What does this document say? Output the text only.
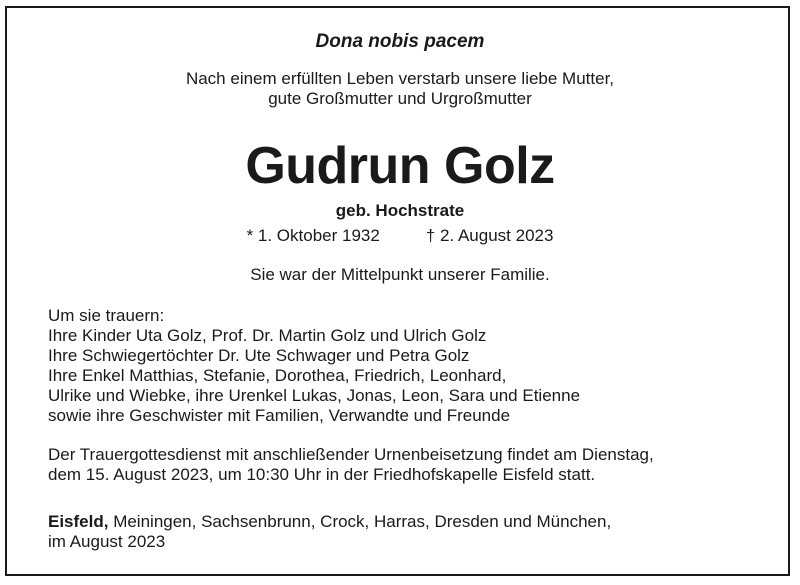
Dona nobis pacem
Nach einem erfüllten Leben verstarb unsere liebe Mutter,
gute Großmutter und Urgroßmutter
Gudrun Golz
geb. Hochstrate
* 1. Oktober 1932	† 2. August 2023
Sie war der Mittelpunkt unserer Familie.
Um sie trauern:
Ihre Kinder Uta Golz, Prof. Dr. Martin Golz und Ulrich Golz
Ihre Schwiegertöchter Dr. Ute Schwager und Petra Golz
Ihre Enkel Matthias, Stefanie, Dorothea, Friedrich, Leonhard,
Ulrike und Wiebke, ihre Urenkel Lukas, Jonas, Leon, Sara und Etienne
sowie ihre Geschwister mit Familien, Verwandte und Freunde
Der Trauergottesdienst mit anschließender Urnenbeisetzung findet am Dienstag,
dem 15. August 2023, um 10:30 Uhr in der Friedhofskapelle Eisfeld statt.
Eisfeld, Meiningen, Sachsenbrunn, Crock, Harras, Dresden und München,
im August 2023
